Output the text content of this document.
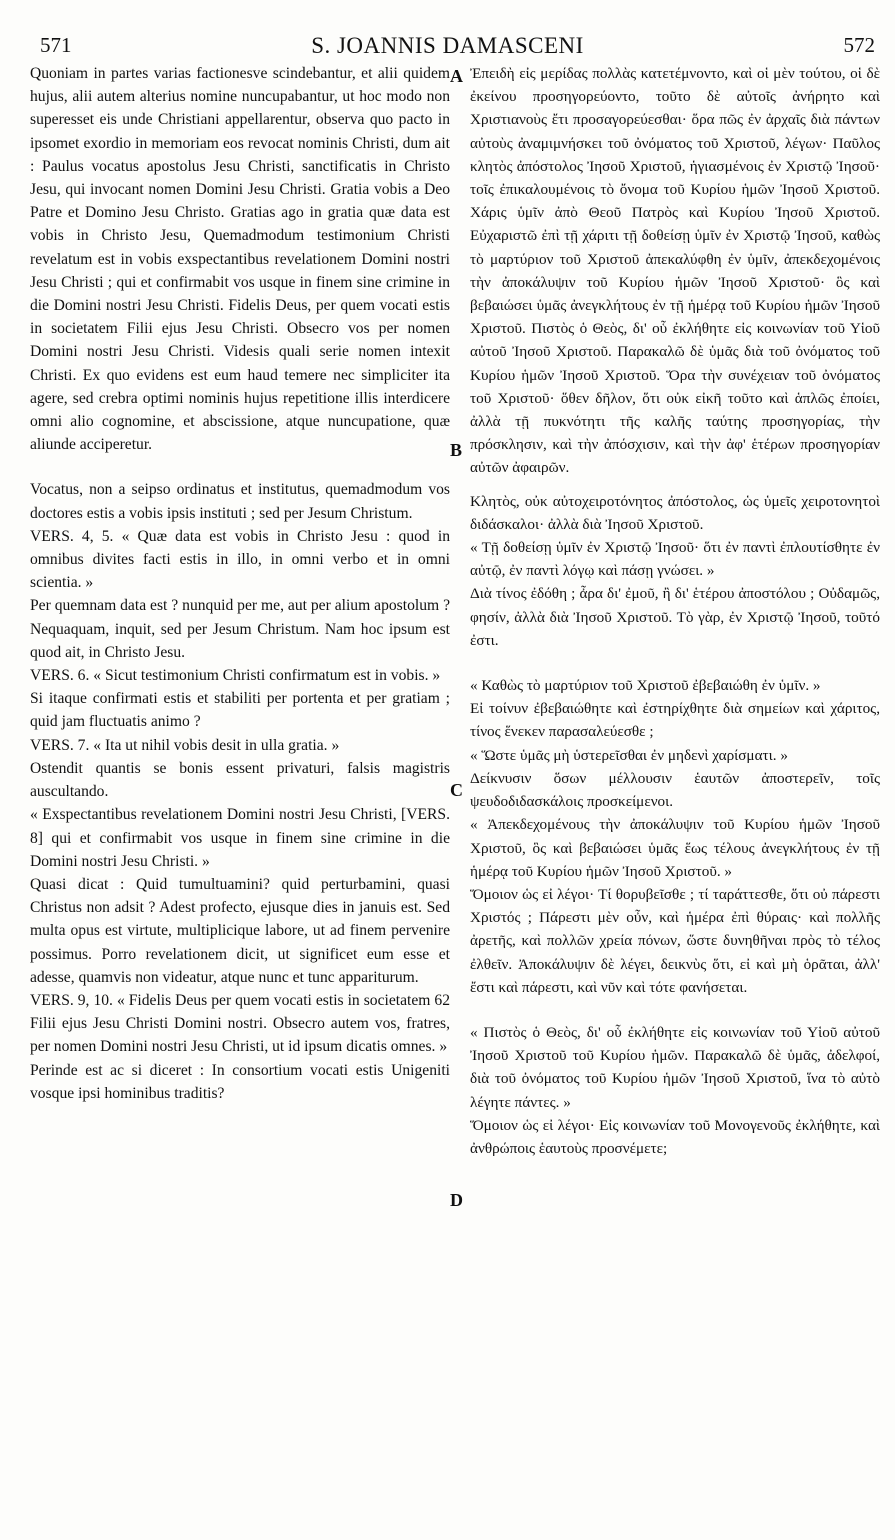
571	S. JOANNIS DAMASCENI	572
A
B
C
D

Quoniam in partes varias factionesve scindebantur, et alii quidem hujus, alii autem alterius nomine nuncupabantur, ut hoc modo non superesset eis unde Christiani appellarentur, observa quo pacto in ipsomet exordio in memoriam eos revocat nominis Christi, dum ait : Paulus vocatus apostolus Jesu Christi, sanctificatis in Christo Jesu, qui invocant nomen Domini Jesu Christi. Gratia vobis a Deo Patre et Domino Jesu Christo. Gratias ago in gratia quæ data est vobis in Christo Jesu, Quemadmodum testimonium Christi revelatum est in vobis exspectantibus revelationem Domini nostri Jesu Christi ; qui et confirmabit vos usque in finem sine crimine in die Domini nostri Jesu Christi. Fidelis Deus, per quem vocati estis in societatem Filii ejus Jesu Christi. Obsecro vos per nomen Domini nostri Jesu Christi. Videsis quali serie nomen intexit Christi. Ex quo evidens est eum haud temere nec simpliciter ita agere, sed crebra optimi nominis hujus repetitione illis interdicere omni alio cognomine, et abscissione, atque nuncupatione, quæ aliunde acciperetur.

Vocatus, non a seipso ordinatus et institutus, quemadmodum vos doctores estis a vobis ipsis instituti ; sed per Jesum Christum.

VERS. 4, 5. « Quæ data est vobis in Christo Jesu : quod in omnibus divites facti estis in illo, in omni verbo et in omni scientia. »

Per quemnam data est ? nunquid per me, aut per alium apostolum ? Nequaquam, inquit, sed per Jesum Christum. Nam hoc ipsum est quod ait, in Christo Jesu.

VERS. 6. « Sicut testimonium Christi confirmatum est in vobis. »

Si itaque confirmati estis et stabiliti per portenta et per gratiam ; quid jam fluctuatis animo ?

VERS. 7. « Ita ut nihil vobis desit in ulla gratia. »

Ostendit quantis se bonis essent privaturi, falsis magistris auscultando.

« Exspectantibus revelationem Domini nostri Jesu Christi, [VERS. 8] qui et confirmabit vos usque in finem sine crimine in die Domini nostri Jesu Christi. »

Quasi dicat : Quid tumultuamini? quid perturbamini, quasi Christus non adsit ? Adest profecto, ejusque dies in januis est. Sed multa opus est virtute, multiplicique labore, ut ad finem pervenire possimus. Porro revelationem dicit, ut significet eum esse et adesse, quamvis non videatur, atque nunc et tunc appariturum.

VERS. 9, 10. « Fidelis Deus per quem vocati estis in societatem 62 Filii ejus Jesu Christi Domini nostri. Obsecro autem vos, fratres, per nomen Domini nostri Jesu Christi, ut id ipsum dicatis omnes. »

Perinde est ac si diceret : In consortium vocati estis Unigeniti vosque ipsi hominibus traditis?

Ἐπειδὴ εἰς μερίδας πολλὰς κατετέμνοντο, καὶ οἱ μὲν τούτου, οἱ δὲ ἐκείνου προσηγορεύοντο, τοῦτο δὲ αὐτοῖς ἀνήρητο καὶ Χριστιανοὺς ἔτι προσαγορεύεσθαι· ὅρα πῶς ἐν ἀρχαῖς διὰ πάντων αὐτοὺς ἀναμιμνήσκει τοῦ ὀνόματος τοῦ Χριστοῦ, λέγων· Παῦλος κλητὸς ἀπόστολος Ἰησοῦ Χριστοῦ, ἡγιασμένοις ἐν Χριστῷ Ἰησοῦ· τοῖς ἐπικαλουμένοις τὸ ὄνομα τοῦ Κυρίου ἡμῶν Ἰησοῦ Χριστοῦ. Χάρις ὑμῖν ἀπὸ Θεοῦ Πατρὸς καὶ Κυρίου Ἰησοῦ Χριστοῦ. Εὐχαριστῶ ἐπὶ τῇ χάριτι τῇ δοθείσῃ ὑμῖν ἐν Χριστῷ Ἰησοῦ, καθὼς τὸ μαρτύριον τοῦ Χριστοῦ ἀπεκαλύφθη ἐν ὑμῖν, ἀπεκδεχομένοις τὴν ἀποκάλυψιν τοῦ Κυρίου ἡμῶν Ἰησοῦ Χριστοῦ· ὃς καὶ βεβαιώσει ὑμᾶς ἀνεγκλήτους ἐν τῇ ἡμέρᾳ τοῦ Κυρίου ἡμῶν Ἰησοῦ Χριστοῦ. Πιστὸς ὁ Θεὸς, δι' οὗ ἐκλήθητε εἰς κοινωνίαν τοῦ Υἱοῦ αὐτοῦ Ἰησοῦ Χριστοῦ. Παρακαλῶ δὲ ὑμᾶς διὰ τοῦ ὀνόματος τοῦ Κυρίου ἡμῶν Ἰησοῦ Χριστοῦ. Ὅρα τὴν συνέχειαν τοῦ ὀνόματος τοῦ Χριστοῦ· ὅθεν δῆλον, ὅτι οὐκ εἰκῆ τοῦτο καὶ ἁπλῶς ἐποίει, ἀλλὰ τῇ πυκνότητι τῆς καλῆς ταύτης προσηγορίας, τὴν πρόσκλησιν, καὶ τὴν ἀπόσχισιν, καὶ τὴν ἀφ' ἑτέρων προσηγορίαν αὐτῶν ἀφαιρῶν.

Κλητὸς, οὐκ αὐτοχειροτόνητος ἀπόστολος, ὡς ὑμεῖς χειροτονητοὶ διδάσκαλοι· ἀλλὰ διὰ Ἰησοῦ Χριστοῦ.

« Τῇ δοθείσῃ ὑμῖν ἐν Χριστῷ Ἰησοῦ· ὅτι ἐν παντὶ ἐπλουτίσθητε ἐν αὐτῷ, ἐν παντὶ λόγῳ καὶ πάσῃ γνώσει. »

Διὰ τίνος ἐδόθη ; ἆρα δι' ἐμοῦ, ἢ δι' ἑτέρου ἀποστόλου ; Οὐδαμῶς, φησίν, ἀλλὰ διὰ Ἰησοῦ Χριστοῦ. Τὸ γὰρ, ἐν Χριστῷ Ἰησοῦ, τοῦτό ἐστι.

« Καθὼς τὸ μαρτύριον τοῦ Χριστοῦ ἐβεβαιώθη ἐν ὑμῖν. »

Εἰ τοίνυν ἐβεβαιώθητε καὶ ἐστηρίχθητε διὰ σημείων καὶ χάριτος, τίνος ἕνεκεν παρασαλεύεσθε ;

« Ὥστε ὑμᾶς μὴ ὑστερεῖσθαι ἐν μηδενὶ χαρίσματι. »

Δείκνυσιν ὅσων μέλλουσιν ἑαυτῶν ἀποστερεῖν, τοῖς ψευδοδιδασκάλοις προσκείμενοι.

« Ἀπεκδεχομένους τὴν ἀποκάλυψιν τοῦ Κυρίου ἡμῶν Ἰησοῦ Χριστοῦ, ὃς καὶ βεβαιώσει ὑμᾶς ἕως τέλους ἀνεγκλήτους ἐν τῇ ἡμέρᾳ τοῦ Κυρίου ἡμῶν Ἰησοῦ Χριστοῦ. »

Ὅμοιον ὡς εἰ λέγοι· Τί θορυβεῖσθε ; τί ταράττεσθε, ὅτι οὐ πάρεστι Χριστός ; Πάρεστι μὲν οὖν, καὶ ἡμέρα ἐπὶ θύραις· καὶ πολλῆς ἀρετῆς, καὶ πολλῶν χρεία πόνων, ὥστε δυνηθῆναι πρὸς τὸ τέλος ἐλθεῖν. Ἀποκάλυψιν δὲ λέγει, δεικνὺς ὅτι, εἰ καὶ μὴ ὁρᾶται, ἀλλ' ἔστι καὶ πάρεστι, καὶ νῦν καὶ τότε φανήσεται.

« Πιστὸς ὁ Θεὸς, δι' οὗ ἐκλήθητε εἰς κοινωνίαν τοῦ Υἱοῦ αὐτοῦ Ἰησοῦ Χριστοῦ τοῦ Κυρίου ἡμῶν. Παρακαλῶ δὲ ὑμᾶς, ἀδελφοί, διὰ τοῦ ὀνόματος τοῦ Κυρίου ἡμῶν Ἰησοῦ Χριστοῦ, ἵνα τὸ αὐτὸ λέγητε πάντες. »

Ὅμοιον ὡς εἰ λέγοι· Εἰς κοινωνίαν τοῦ Μονογενοῦς ἐκλήθητε, καὶ ἀνθρώποις ἑαυτοὺς προσνέμετε;
